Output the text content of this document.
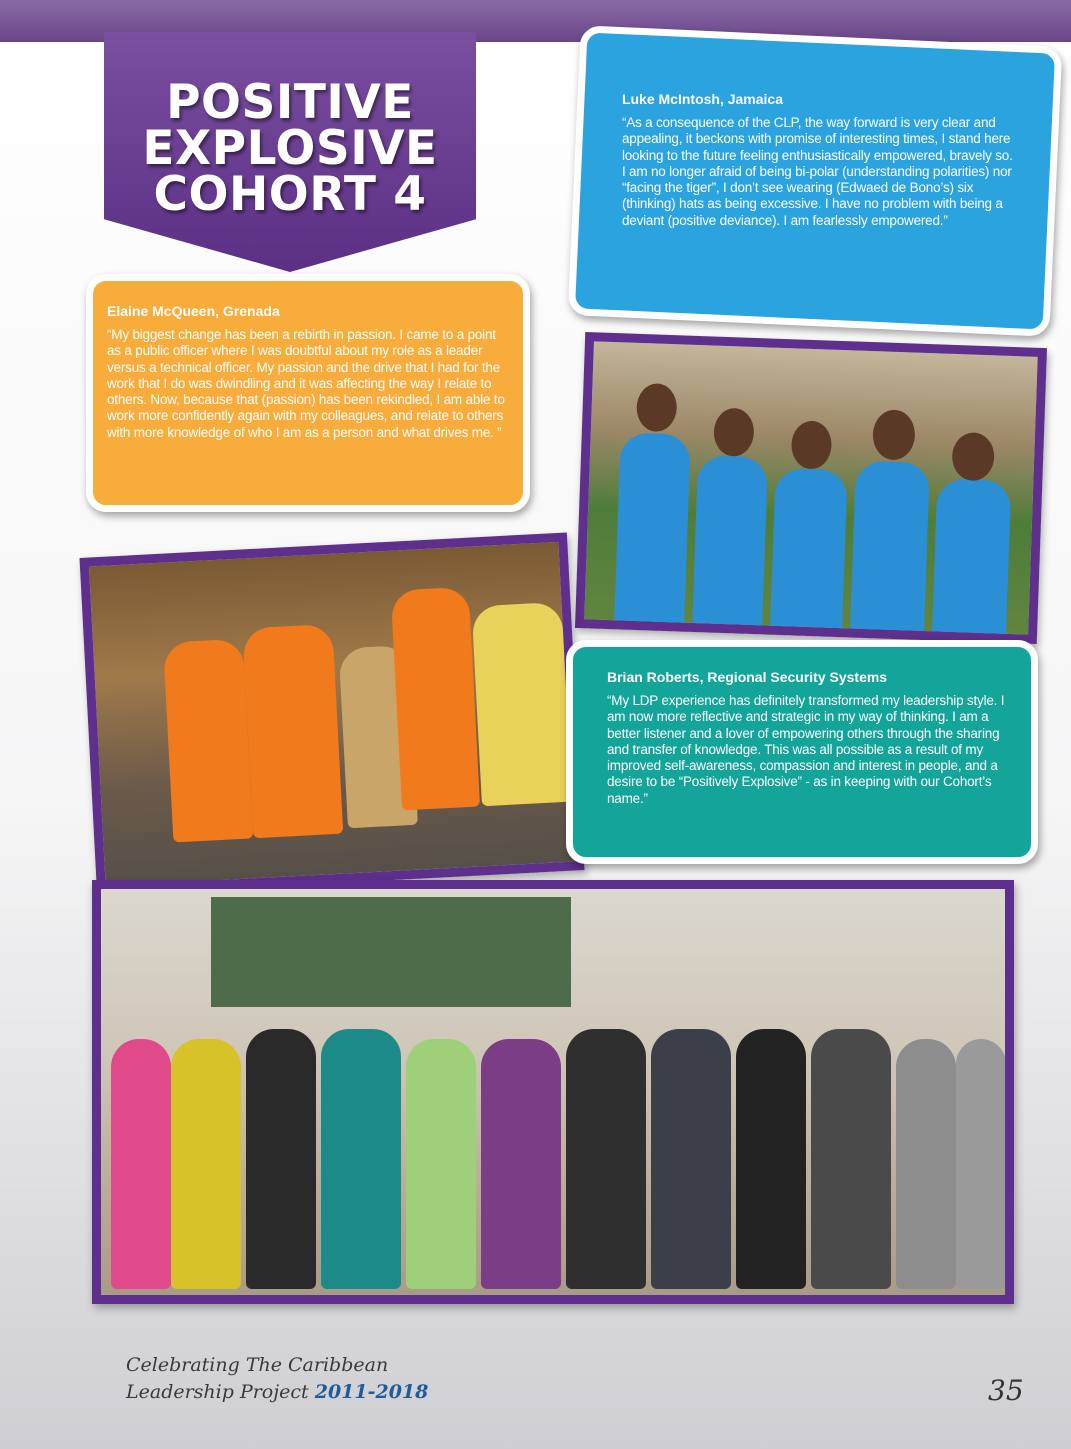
POSITIVE
EXPLOSIVE
COHORT 4
Luke McIntosh, Jamaica
“As a consequence of the CLP, the way forward is very clear and appealing, it beckons with promise of interesting times, I stand here looking to the future feeling enthusiastically empowered, bravely so. I am no longer afraid of being bi-polar (understanding polarities) nor “facing the tiger”, I don’t see wearing (Edwaed de Bono’s) six (thinking) hats as being excessive. I have no problem with being a deviant (positive deviance). I am fearlessly empowered.”
Elaine McQueen, Grenada
“My biggest change has been a rebirth in passion. I came to a point as a public officer where I was doubtful about my role as a leader versus a technical officer. My passion and the drive that I had for the work that I do was dwindling and it was affecting the way I relate to others. Now, because that (passion) has been rekindled, I am able to work more confidently again with my colleagues, and relate to others with more knowledge of who I am as a person and what drives me. ”
Brian Roberts, Regional Security Systems
“My LDP experience has definitely transformed my leadership style. I am now more reflective and strategic in my way of thinking. I am a better listener and a lover of empowering others through the sharing and transfer of knowledge. This was all possible as a result of my improved self-awareness, compassion and interest in people, and a desire to be “Positively Explosive” - as in keeping with our Cohort’s name.”
Celebrating The Caribbean
Leadership Project 2011-2018	35
